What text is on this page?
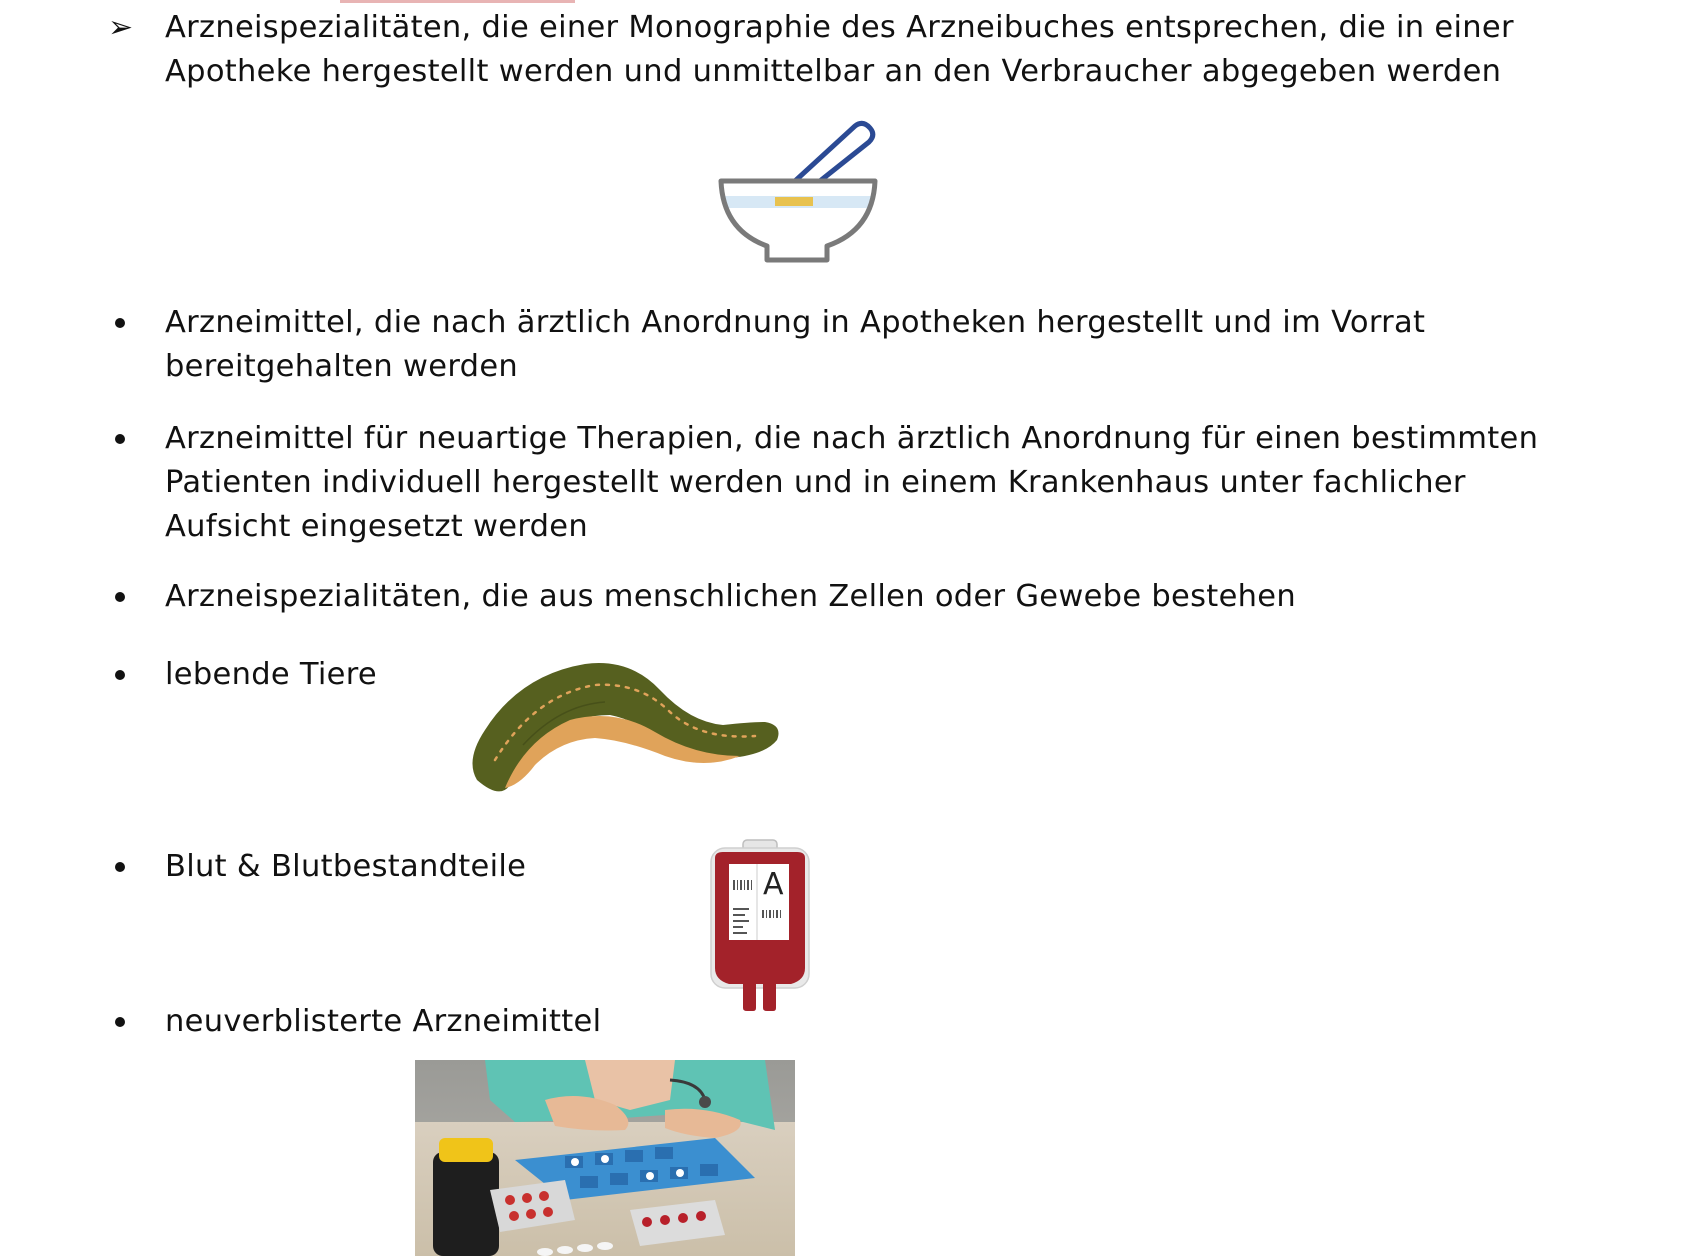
➢ Arzneispezialitäten, die einer Monographie des Arzneibuches entsprechen, die in einer
Apotheke hergestellt werden und unmittelbar an den Verbraucher abgegeben werden
Arzneimittel, die nach ärztlich Anordnung in Apotheken hergestellt und im Vorrat
bereitgehalten werden
Arzneimittel für neuartige Therapien, die nach ärztlich Anordnung für einen bestimmten
Patienten individuell hergestellt werden und in einem Krankenhaus unter fachlicher
Aufsicht eingesetzt werden
Arzneispezialitäten, die aus menschlichen Zellen oder Gewebe bestehen
lebende Tiere
Blut & Blutbestandteile
A
neuverblisterte Arzneimittel
